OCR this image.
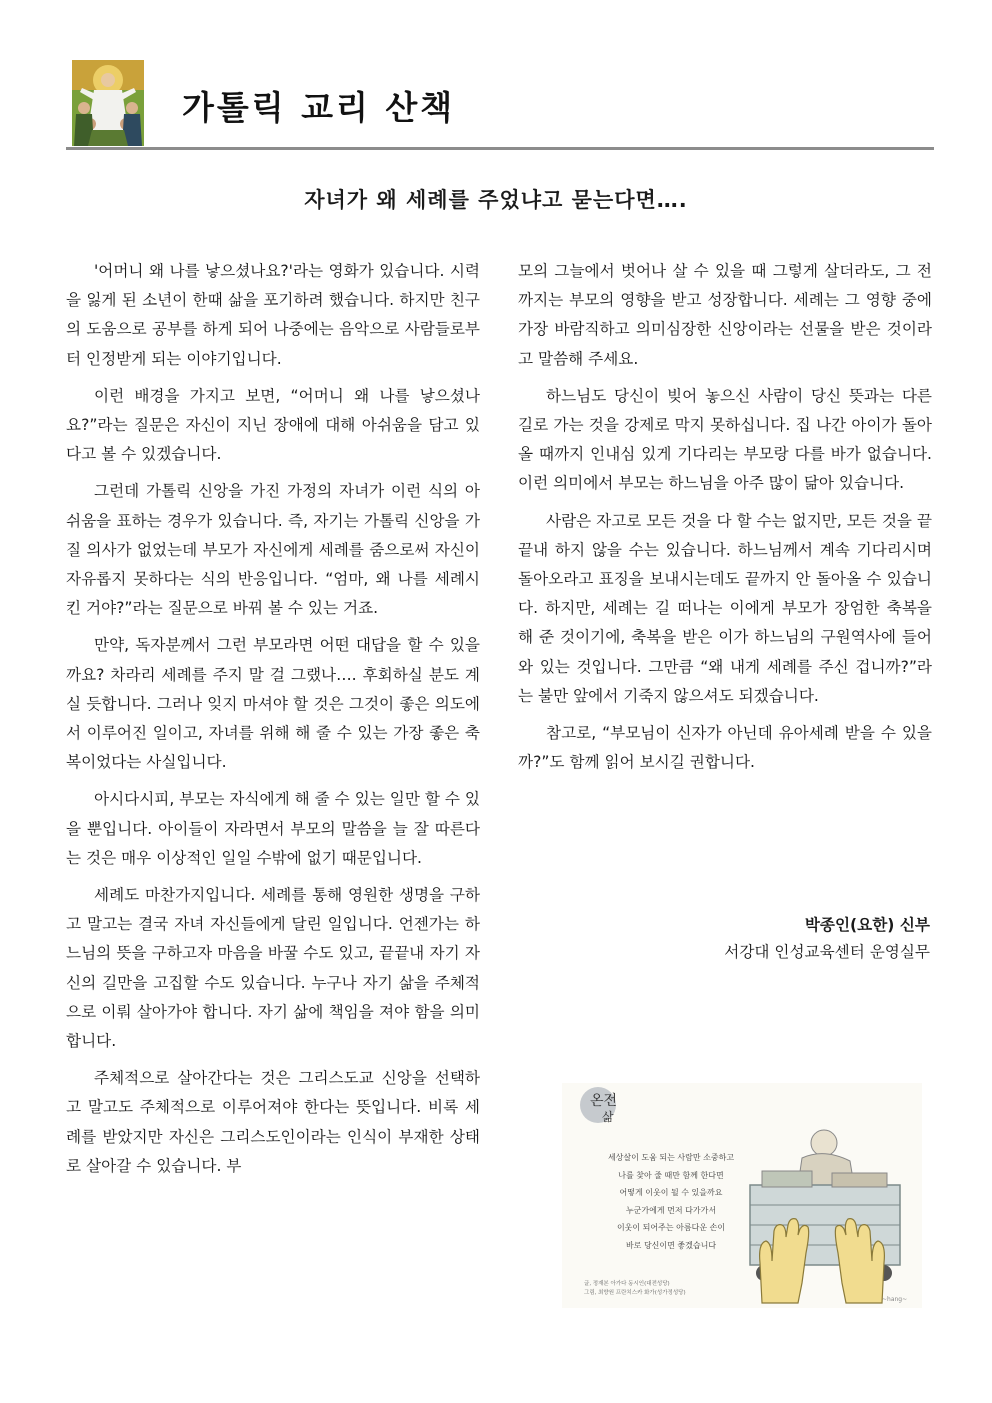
가톨릭 교리 산책
자녀가 왜 세례를 주었냐고 묻는다면….

'어머니 왜 나를 낳으셨나요?'라는 영화가 있습니다. 시력을 잃게 된 소년이 한때 삶을 포기하려 했습니다. 하지만 친구의 도움으로 공부를 하게 되어 나중에는 음악으로 사람들로부터 인정받게 되는 이야기입니다.

이런 배경을 가지고 보면, “어머니 왜 나를 낳으셨나요?”라는 질문은 자신이 지닌 장애에 대해 아쉬움을 담고 있다고 볼 수 있겠습니다.

그런데 가톨릭 신앙을 가진 가정의 자녀가 이런 식의 아쉬움을 표하는 경우가 있습니다. 즉, 자기는 가톨릭 신앙을 가질 의사가 없었는데 부모가 자신에게 세례를 줌으로써 자신이 자유롭지 못하다는 식의 반응입니다. “엄마, 왜 나를 세례시킨 거야?”라는 질문으로 바꿔 볼 수 있는 거죠.

만약, 독자분께서 그런 부모라면 어떤 대답을 할 수 있을까요? 차라리 세례를 주지 말 걸 그랬나…. 후회하실 분도 계실 듯합니다. 그러나 잊지 마셔야 할 것은 그것이 좋은 의도에서 이루어진 일이고, 자녀를 위해 해 줄 수 있는 가장 좋은 축복이었다는 사실입니다.

아시다시피, 부모는 자식에게 해 줄 수 있는 일만 할 수 있을 뿐입니다. 아이들이 자라면서 부모의 말씀을 늘 잘 따른다는 것은 매우 이상적인 일일 수밖에 없기 때문입니다.

세례도 마찬가지입니다. 세례를 통해 영원한 생명을 구하고 말고는 결국 자녀 자신들에게 달린 일입니다. 언젠가는 하느님의 뜻을 구하고자 마음을 바꿀 수도 있고, 끝끝내 자기 자신의 길만을 고집할 수도 있습니다. 누구나 자기 삶을 주체적으로 이뤄 살아가야 합니다. 자기 삶에 책임을 져야 함을 의미합니다.

주체적으로 살아간다는 것은 그리스도교 신앙을 선택하고 말고도 주체적으로 이루어져야 한다는 뜻입니다. 비록 세례를 받았지만 자신은 그리스도인이라는 인식이 부재한 상태로 살아갈 수 있습니다. 부

모의 그늘에서 벗어나 살 수 있을 때 그렇게 살더라도, 그 전까지는 부모의 영향을 받고 성장합니다. 세례는 그 영향 중에 가장 바람직하고 의미심장한 신앙이라는 선물을 받은 것이라고 말씀해 주세요.

하느님도 당신이 빚어 놓으신 사람이 당신 뜻과는 다른 길로 가는 것을 강제로 막지 못하십니다. 집 나간 아이가 돌아올 때까지 인내심 있게 기다리는 부모랑 다를 바가 없습니다. 이런 의미에서 부모는 하느님을 아주 많이 닮아 있습니다.

사람은 자고로 모든 것을 다 할 수는 없지만, 모든 것을 끝끝내 하지 않을 수는 있습니다. 하느님께서 계속 기다리시며 돌아오라고 표징을 보내시는데도 끝까지 안 돌아올 수 있습니다. 하지만, 세례는 길 떠나는 이에게 부모가 장엄한 축복을 해 준 것이기에, 축복을 받은 이가 하느님의 구원역사에 들어와 있는 것입니다. 그만큼 “왜 내게 세례를 주신 겁니까?”라는 불만 앞에서 기죽지 않으셔도 되겠습니다.

참고로, “부모님이 신자가 아닌데 유아세례 받을 수 있을까?”도 함께 읽어 보시길 권합니다.

박종인(요한) 신부
서강대 인성교육센터 운영실무
온전
삶
세상살이 도움 되는 사람만 소중하고
나를 찾아 줄 때만 함께 한다면
어떻게 이웃이 될 수 있을까요
누군가에게 먼저 다가가서
이웃이 되어주는 아름다운 손이
바로 당신이면 좋겠습니다
글, 정재본 아가다 동시인(대전성당)
그림, 최향원 프란치스카 화가(성가정성당)
~hang~
